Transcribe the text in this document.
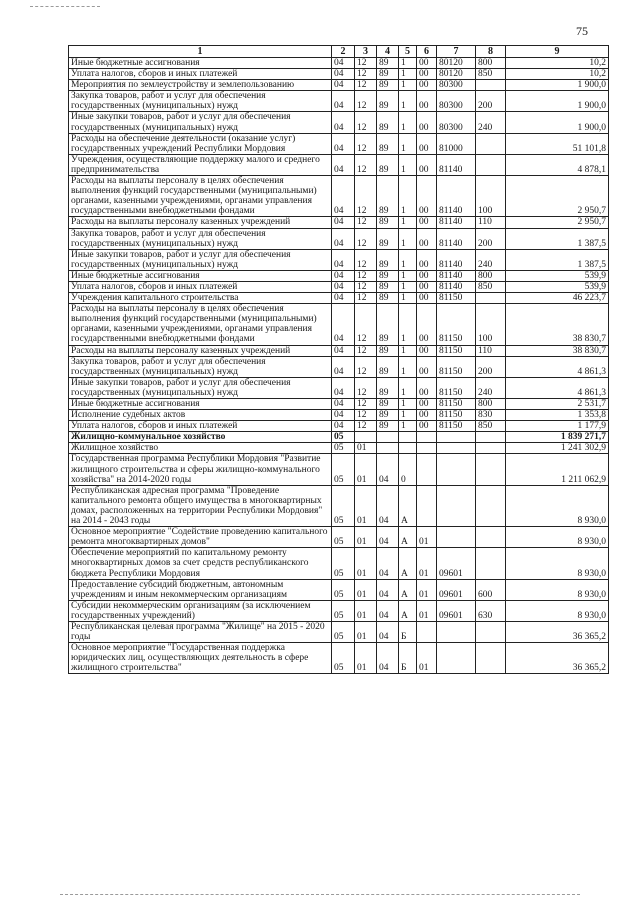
75
1	2	3	4	5	6	7	8	9
Иные бюджетные ассигнования	04	12	89	1	00	80120	800	10,2
Уплата налогов, сборов и иных платежей	04	12	89	1	00	80120	850	10,2
Мероприятия по землеустройству и землепользованию	04	12	89	1	00	80300		1 900,0
Закупка товаров, работ и услуг для обеспечения государственных (муниципальных) нужд	04	12	89	1	00	80300	200	1 900,0
Иные закупки товаров, работ и услуг для обеспечения государственных (муниципальных) нужд	04	12	89	1	00	80300	240	1 900,0
Расходы на обеспечение деятельности (оказание услуг) государственных учреждений Республики Мордовия	04	12	89	1	00	81000		51 101,8
Учреждения, осуществляющие поддержку малого и среднего предпринимательства	04	12	89	1	00	81140		4 878,1
Расходы на выплаты персоналу в целях обеспечения выполнения функций государственными (муниципальными) органами, казенными учреждениями, органами управления государственными внебюджетными фондами	04	12	89	1	00	81140	100	2 950,7
Расходы на выплаты персоналу казенных учреждений	04	12	89	1	00	81140	110	2 950,7
Закупка товаров, работ и услуг для обеспечения государственных (муниципальных) нужд	04	12	89	1	00	81140	200	1 387,5
Иные закупки товаров, работ и услуг для обеспечения государственных (муниципальных) нужд	04	12	89	1	00	81140	240	1 387,5
Иные бюджетные ассигнования	04	12	89	1	00	81140	800	539,9
Уплата налогов, сборов и иных платежей	04	12	89	1	00	81140	850	539,9
Учреждения капитального строительства	04	12	89	1	00	81150		46 223,7
Расходы на выплаты персоналу в целях обеспечения выполнения функций государственными (муниципальными) органами, казенными учреждениями, органами управления государственными внебюджетными фондами	04	12	89	1	00	81150	100	38 830,7
Расходы на выплаты персоналу казенных учреждений	04	12	89	1	00	81150	110	38 830,7
Закупка товаров, работ и услуг для обеспечения государственных (муниципальных) нужд	04	12	89	1	00	81150	200	4 861,3
Иные закупки товаров, работ и услуг для обеспечения государственных (муниципальных) нужд	04	12	89	1	00	81150	240	4 861,3
Иные бюджетные ассигнования	04	12	89	1	00	81150	800	2 531,7
Исполнение судебных актов	04	12	89	1	00	81150	830	1 353,8
Уплата налогов, сборов и иных платежей	04	12	89	1	00	81150	850	1 177,9
Жилищно-коммунальное хозяйство	05							1 839 271,7
Жилищное хозяйство	05	01						1 241 302,9
Государственная программа Республики Мордовия "Развитие жилищного строительства и сферы жилищно-коммунального хозяйства" на 2014-2020 годы	05	01	04	0				1 211 062,9
Республиканская адресная программа "Проведение капитального ремонта общего имущества в многоквартирных домах, расположенных на территории Республики Мордовия" на 2014 - 2043 годы	05	01	04	А				8 930,0
Основное мероприятие "Содействие проведению капитального ремонта многоквартирных домов"	05	01	04	А	01			8 930,0
Обеспечение мероприятий по капитальному ремонту многоквартирных домов за счет средств республиканского бюджета Республики Мордовия	05	01	04	А	01	09601		8 930,0
Предоставление субсидий бюджетным, автономным учреждениям и иным некоммерческим организациям	05	01	04	А	01	09601	600	8 930,0
Субсидии некоммерческим организациям (за исключением государственных учреждений)	05	01	04	А	01	09601	630	8 930,0
Республиканская целевая программа "Жилище" на 2015 - 2020 годы	05	01	04	Б				36 365,2
Основное мероприятие "Государственная поддержка юридических лиц, осуществляющих деятельность в сфере жилищного строительства"	05	01	04	Б	01			36 365,2
